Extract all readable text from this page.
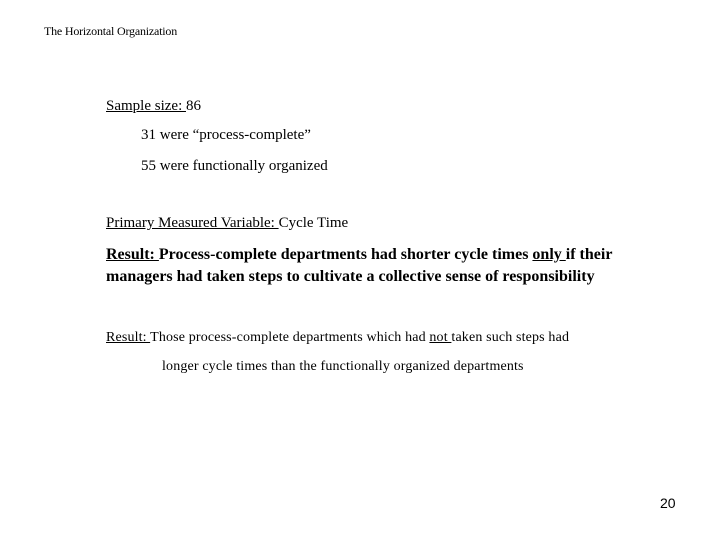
The Horizontal Organization
Sample size: 86
31 were “process-complete”
55 were functionally organized
Primary Measured Variable: Cycle Time
Result: Process-complete departments had shorter cycle times only if their
managers had taken steps to cultivate a collective sense of responsibility
Result: Those process-complete departments which had not taken such steps had
longer cycle times than the functionally organized departments
20
